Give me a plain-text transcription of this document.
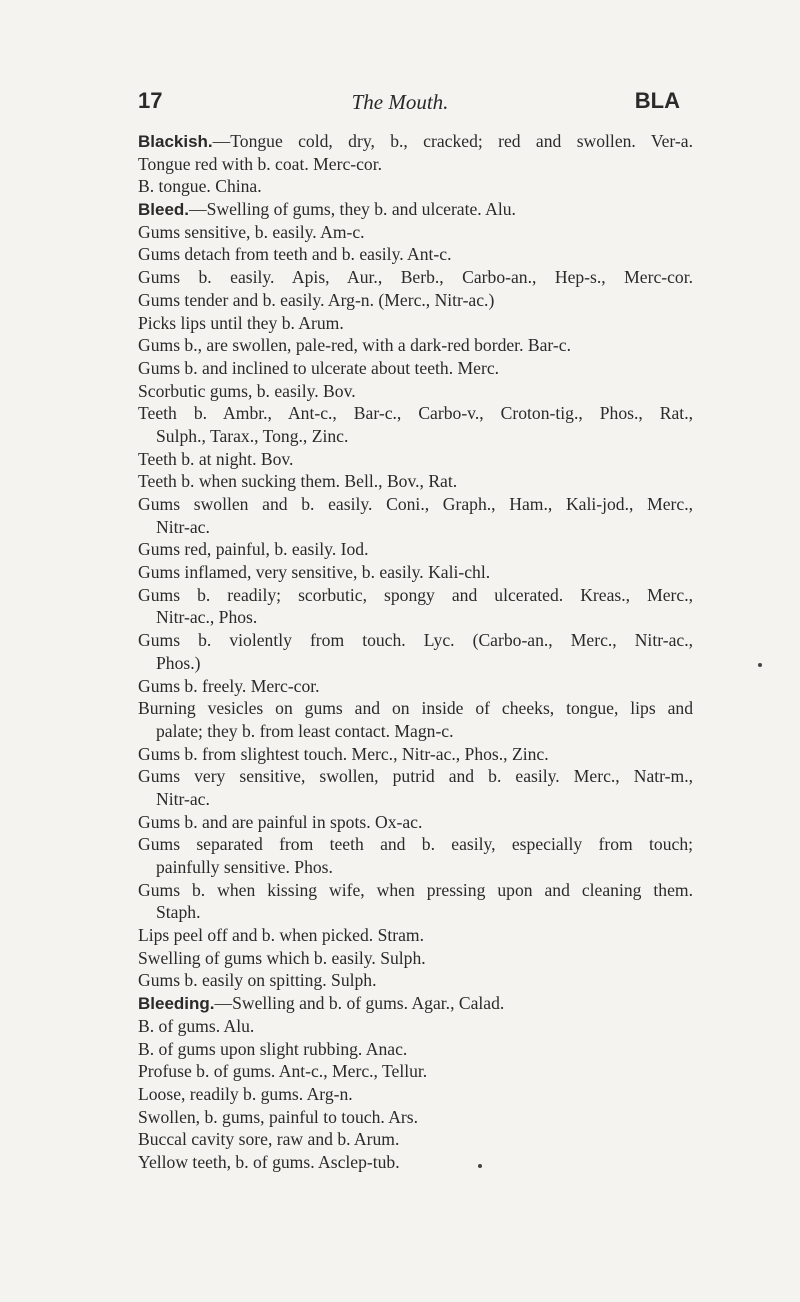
17	The Mouth.	BLA
Blackish.—Tongue cold, dry, b., cracked; red and swollen. Ver-a.
Tongue red with b. coat. Merc-cor.
B. tongue. China.
Bleed.—Swelling of gums, they b. and ulcerate. Alu.
Gums sensitive, b. easily. Am-c.
Gums detach from teeth and b. easily. Ant-c.
Gums b. easily. Apis, Aur., Berb., Carbo-an., Hep-s., Merc-cor.
Gums tender and b. easily. Arg-n. (Merc., Nitr-ac.)
Picks lips until they b. Arum.
Gums b., are swollen, pale-red, with a dark-red border. Bar-c.
Gums b. and inclined to ulcerate about teeth. Merc.
Scorbutic gums, b. easily. Bov.
Teeth b. Ambr., Ant-c., Bar-c., Carbo-v., Croton-tig., Phos., Rat.,
Sulph., Tarax., Tong., Zinc.
Teeth b. at night. Bov.
Teeth b. when sucking them. Bell., Bov., Rat.
Gums swollen and b. easily. Coni., Graph., Ham., Kali-jod., Merc.,
Nitr-ac.
Gums red, painful, b. easily. Iod.
Gums inflamed, very sensitive, b. easily. Kali-chl.
Gums b. readily; scorbutic, spongy and ulcerated. Kreas., Merc.,
Nitr-ac., Phos.
Gums b. violently from touch. Lyc. (Carbo-an., Merc., Nitr-ac.,
Phos.)
Gums b. freely. Merc-cor.
Burning vesicles on gums and on inside of cheeks, tongue, lips and
palate; they b. from least contact. Magn-c.
Gums b. from slightest touch. Merc., Nitr-ac., Phos., Zinc.
Gums very sensitive, swollen, putrid and b. easily. Merc., Natr-m.,
Nitr-ac.
Gums b. and are painful in spots. Ox-ac.
Gums separated from teeth and b. easily, especially from touch;
painfully sensitive. Phos.
Gums b. when kissing wife, when pressing upon and cleaning them.
Staph.
Lips peel off and b. when picked. Stram.
Swelling of gums which b. easily. Sulph.
Gums b. easily on spitting. Sulph.
Bleeding.—Swelling and b. of gums. Agar., Calad.
B. of gums. Alu.
B. of gums upon slight rubbing. Anac.
Profuse b. of gums. Ant-c., Merc., Tellur.
Loose, readily b. gums. Arg-n.
Swollen, b. gums, painful to touch. Ars.
Buccal cavity sore, raw and b. Arum.
Yellow teeth, b. of gums. Asclep-tub.
